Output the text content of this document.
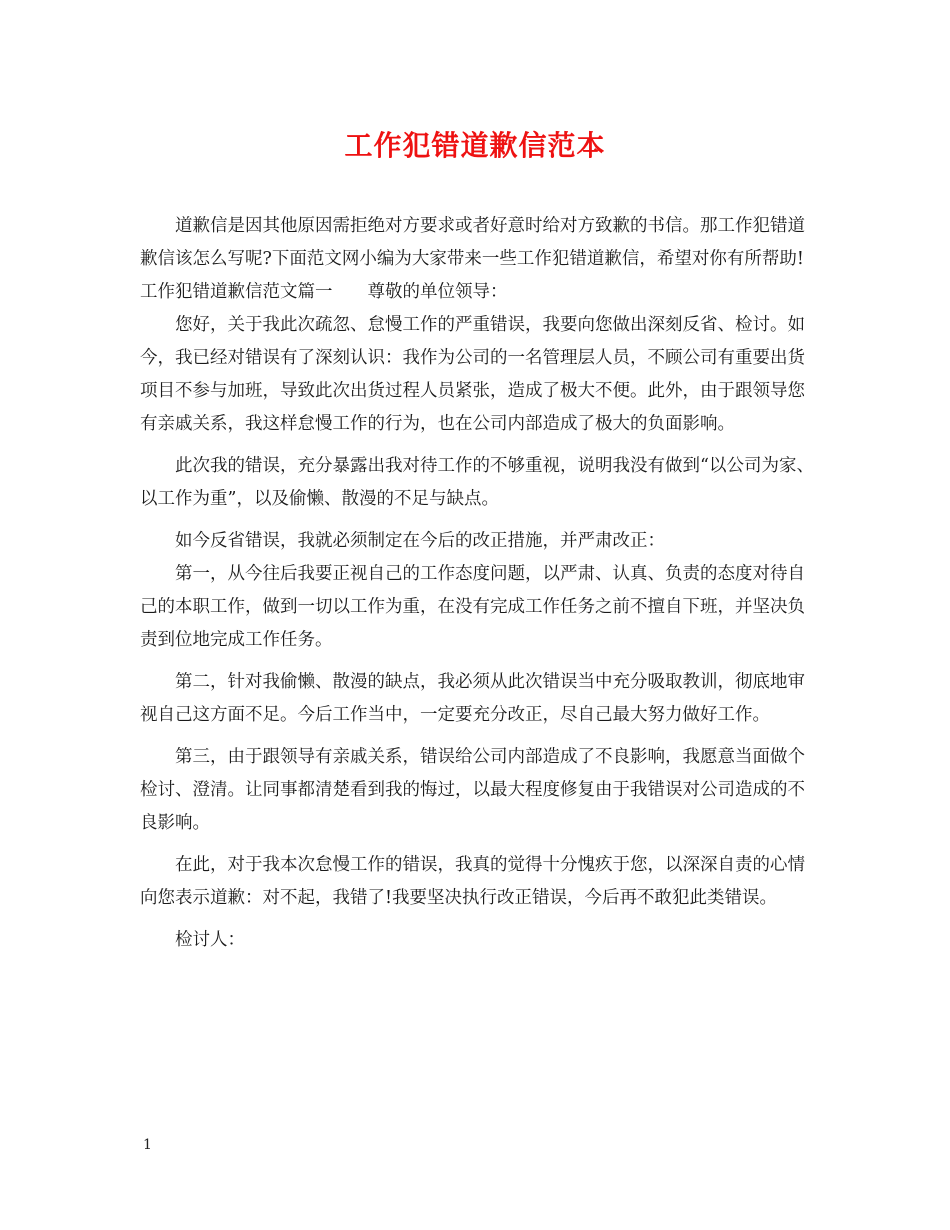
工作犯错道歉信范本

道歉信是因其他原因需拒绝对方要求或者好意时给对方致歉的书信。那工作犯错道歉信该怎么写呢?下面范文网小编为大家带来一些工作犯错道歉信，希望对你有所帮助!

工作犯错道歉信范文篇一　　尊敬的单位领导：

您好，关于我此次疏忽、怠慢工作的严重错误，我要向您做出深刻反省、检讨。如今，我已经对错误有了深刻认识：我作为公司的一名管理层人员，不顾公司有重要出货项目不参与加班，导致此次出货过程人员紧张，造成了极大不便。此外，由于跟领导您有亲戚关系，我这样怠慢工作的行为，也在公司内部造成了极大的负面影响。

此次我的错误，充分暴露出我对待工作的不够重视，说明我没有做到“以公司为家、以工作为重”，以及偷懒、散漫的不足与缺点。

如今反省错误，我就必须制定在今后的改正措施，并严肃改正：

第一，从今往后我要正视自己的工作态度问题，以严肃、认真、负责的态度对待自己的本职工作，做到一切以工作为重，在没有完成工作任务之前不擅自下班，并坚决负责到位地完成工作任务。

第二，针对我偷懒、散漫的缺点，我必须从此次错误当中充分吸取教训，彻底地审视自己这方面不足。今后工作当中，一定要充分改正，尽自己最大努力做好工作。

第三，由于跟领导有亲戚关系，错误给公司内部造成了不良影响，我愿意当面做个检讨、澄清。让同事都清楚看到我的悔过，以最大程度修复由于我错误对公司造成的不良影响。

在此，对于我本次怠慢工作的错误，我真的觉得十分愧疚于您，以深深自责的心情向您表示道歉：对不起，我错了!我要坚决执行改正错误，今后再不敢犯此类错误。

检讨人：

1
